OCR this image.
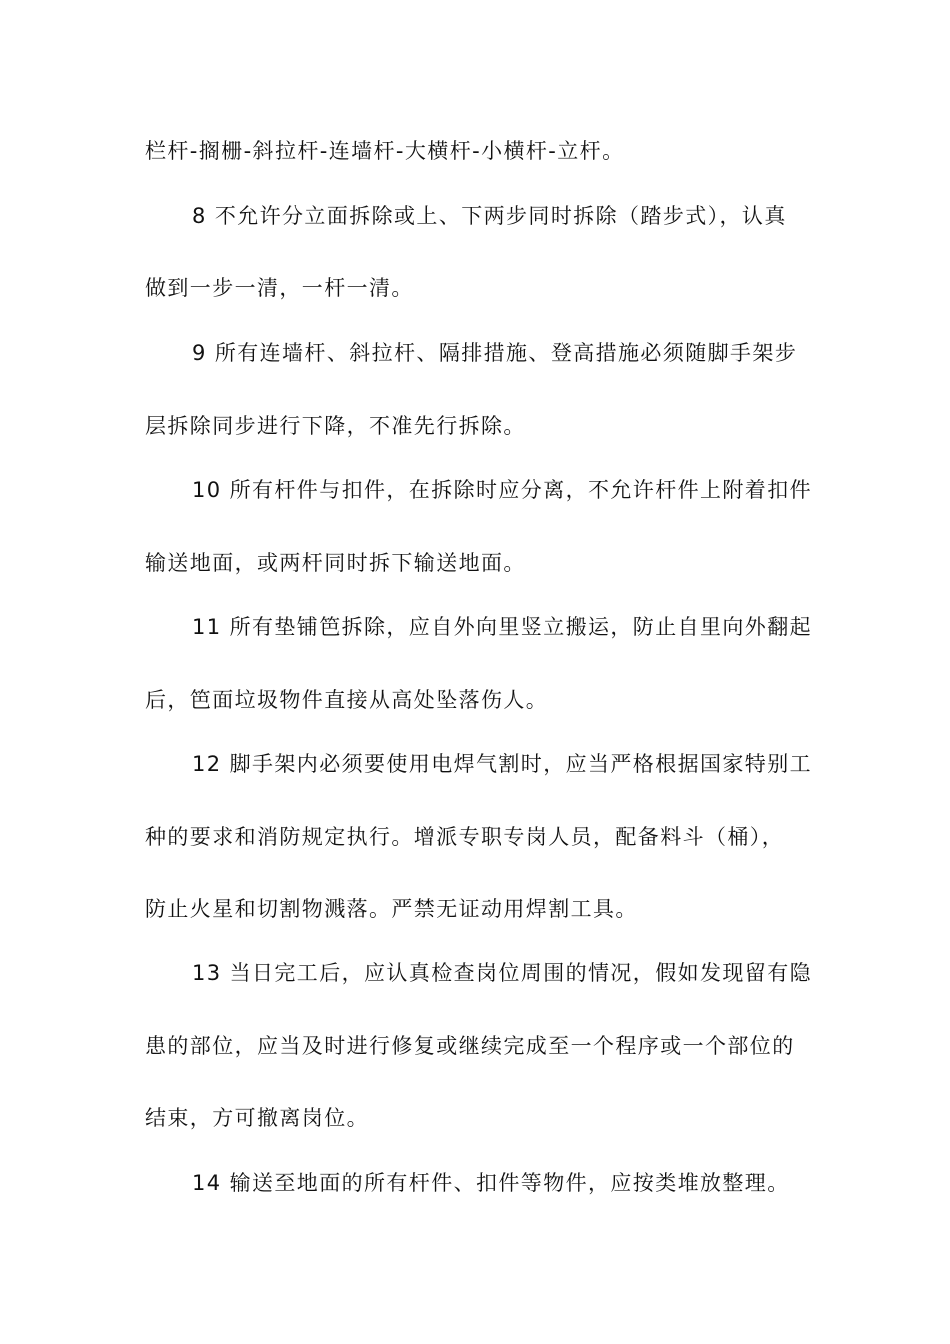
栏杆-搁栅-斜拉杆-连墙杆-大横杆-小横杆-立杆。
8 不允许分立面拆除或上、下两步同时拆除（踏步式），认真
做到一步一清，一杆一清。
9 所有连墙杆、斜拉杆、隔排措施、登高措施必须随脚手架步
层拆除同步进行下降，不准先行拆除。
10 所有杆件与扣件，在拆除时应分离，不允许杆件上附着扣件
输送地面，或两杆同时拆下输送地面。
11 所有垫铺笆拆除，应自外向里竖立搬运，防止自里向外翻起
后，笆面垃圾物件直接从高处坠落伤人。
12 脚手架内必须要使用电焊气割时，应当严格根据国家特别工
种的要求和消防规定执行。增派专职专岗人员，配备料斗（桶），
防止火星和切割物溅落。严禁无证动用焊割工具。
13 当日完工后，应认真检查岗位周围的情况，假如发现留有隐
患的部位，应当及时进行修复或继续完成至一个程序或一个部位的
结束，方可撤离岗位。
14 输送至地面的所有杆件、扣件等物件，应按类堆放整理。
